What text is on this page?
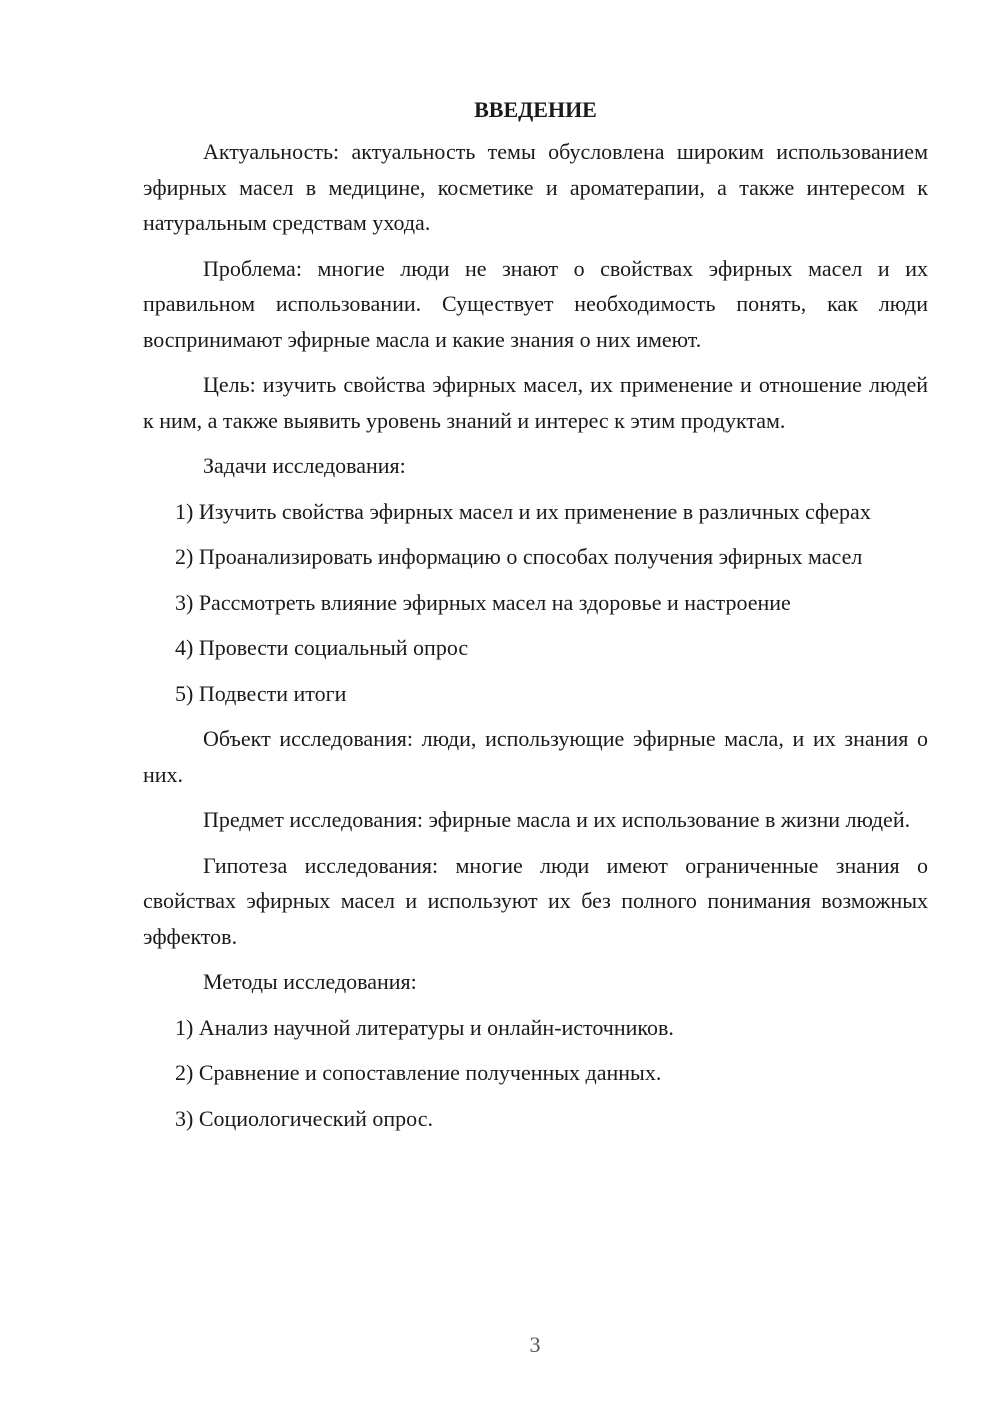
ВВЕДЕНИЕ

Актуальность: актуальность темы обусловлена широким использованием эфирных масел в медицине, косметике и ароматерапии, а также интересом к натуральным средствам ухода.

Проблема: многие люди не знают о свойствах эфирных масел и их правильном использовании. Существует необходимость понять, как люди воспринимают эфирные масла и какие знания о них имеют.

Цель: изучить свойства эфирных масел, их применение и отношение людей к ним, а также выявить уровень знаний и интерес к этим продуктам.

Задачи исследования:

1) Изучить свойства эфирных масел и их применение в различных сферах

2) Проанализировать информацию о способах получения эфирных масел

3) Рассмотреть влияние эфирных масел на здоровье и настроение

4) Провести социальный опрос

5) Подвести итоги

Объект исследования: люди, использующие эфирные масла, и их знания о них.

Предмет исследования: эфирные масла и их использование в жизни людей.

Гипотеза исследования: многие люди имеют ограниченные знания о свойствах эфирных масел и используют их без полного понимания возможных эффектов.

Методы исследования:

1) Анализ научной литературы и онлайн-источников.

2) Сравнение и сопоставление полученных данных.

3) Социологический опрос.

3
